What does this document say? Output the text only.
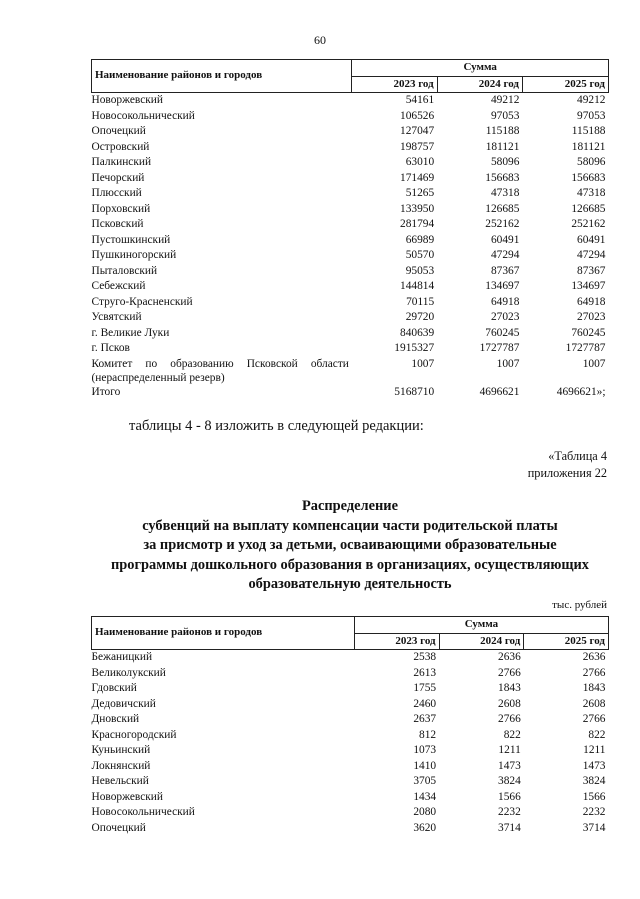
60
Наименование районов и городов	Сумма		
	2023 год	2024 год	2025 год
Новоржевский	54161	49212	49212
Новосокольнический	106526	97053	97053
Опочецкий	127047	115188	115188
Островский	198757	181121	181121
Палкинский	63010	58096	58096
Печорский	171469	156683	156683
Плюсский	51265	47318	47318
Порховский	133950	126685	126685
Псковский	281794	252162	252162
Пустошкинский	66989	60491	60491
Пушкиногорский	50570	47294	47294
Пыталовский	95053	87367	87367
Себежский	144814	134697	134697
Струго-Красненский	70115	64918	64918
Усвятский	29720	27023	27023
г. Великие Луки	840639	760245	760245
г. Псков	1915327	1727787	1727787

Комитет по образованию Псковской области
(нераспределенный резерв)	1007	1007	1007
Итого	5168710	4696621	4696621»;
таблицы 4 - 8 изложить в следующей редакции:
«Таблица 4
приложения 22
Распределение
субвенций на выплату компенсации части родительской платы
за присмотр и уход за детьми, осваивающими образовательные
программы дошкольного образования в организациях, осуществляющих
образовательную деятельность
тыс. рублей
Наименование районов и городов	Сумма		
	2023 год	2024 год	2025 год
Бежаницкий	2538	2636	2636
Великолукский	2613	2766	2766
Гдовский	1755	1843	1843
Дедовичский	2460	2608	2608
Дновский	2637	2766	2766
Красногородский	812	822	822
Куньинский	1073	1211	1211
Локнянский	1410	1473	1473
Невельский	3705	3824	3824
Новоржевский	1434	1566	1566
Новосокольнический	2080	2232	2232
Опочецкий	3620	3714	3714
